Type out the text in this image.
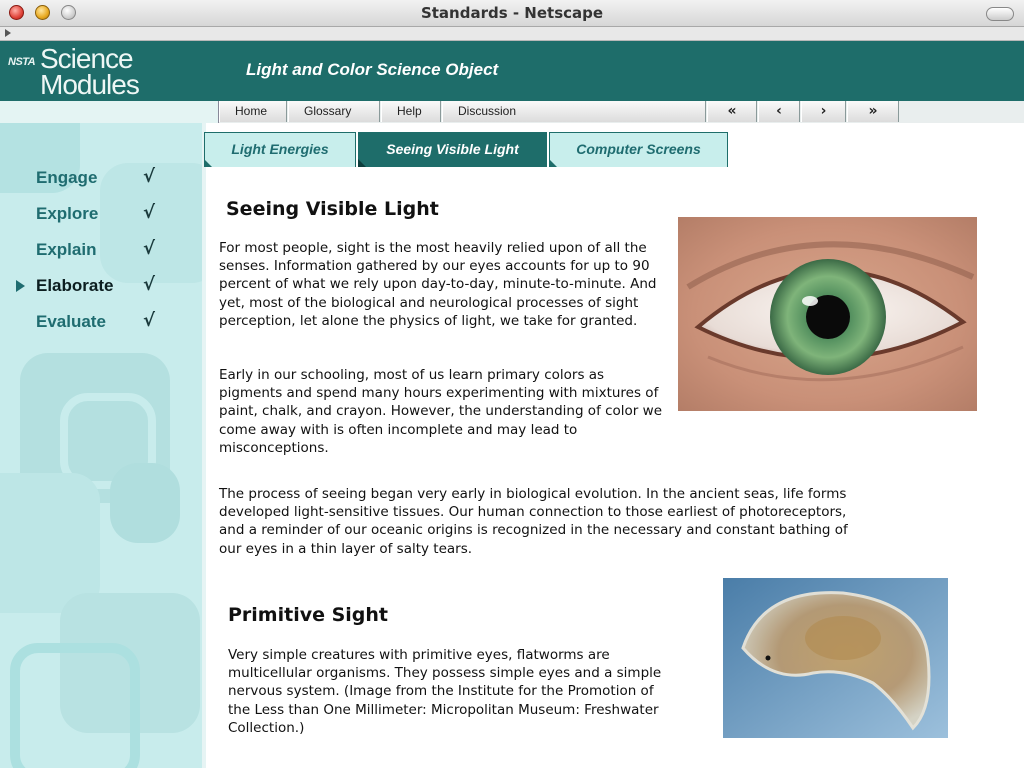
Standards - Netscape
NSTA Science
Modules	Light and Color Science Object
Home	Glossary	Help	Discussion	«	‹	›	»
Engage	√
Explore √
Explain	√
Elaborate √
Evaluate √
Light Energies	Seeing Visible Light	Computer Screens
Seeing Visible Light
For most people, sight is the most heavily relied upon of all the senses. Information gathered by our eyes accounts for up to 90 percent of what we rely upon day-to-day, minute-to-minute. And yet, most of the biological and neurological processes of sight perception, let alone the physics of light, we take for granted.
Early in our schooling, most of us learn primary colors as pigments and spend many hours experimenting with mixtures of paint, chalk, and crayon. However, the understanding of color we come away with is often incomplete and may lead to misconceptions.
The process of seeing began very early in biological evolution. In the ancient seas, life forms developed light-sensitive tissues. Our human connection to those earliest of photoreceptors, and a reminder of our oceanic origins is recognized in the necessary and constant bathing of our eyes in a thin layer of salty tears.
Primitive Sight
Very simple creatures with primitive eyes, flatworms are multicellular organisms. They possess simple eyes and a simple nervous system. (Image from the Institute for the Promotion of the Less than One Millimeter: Micropolitan Museum: Freshwater Collection.)
